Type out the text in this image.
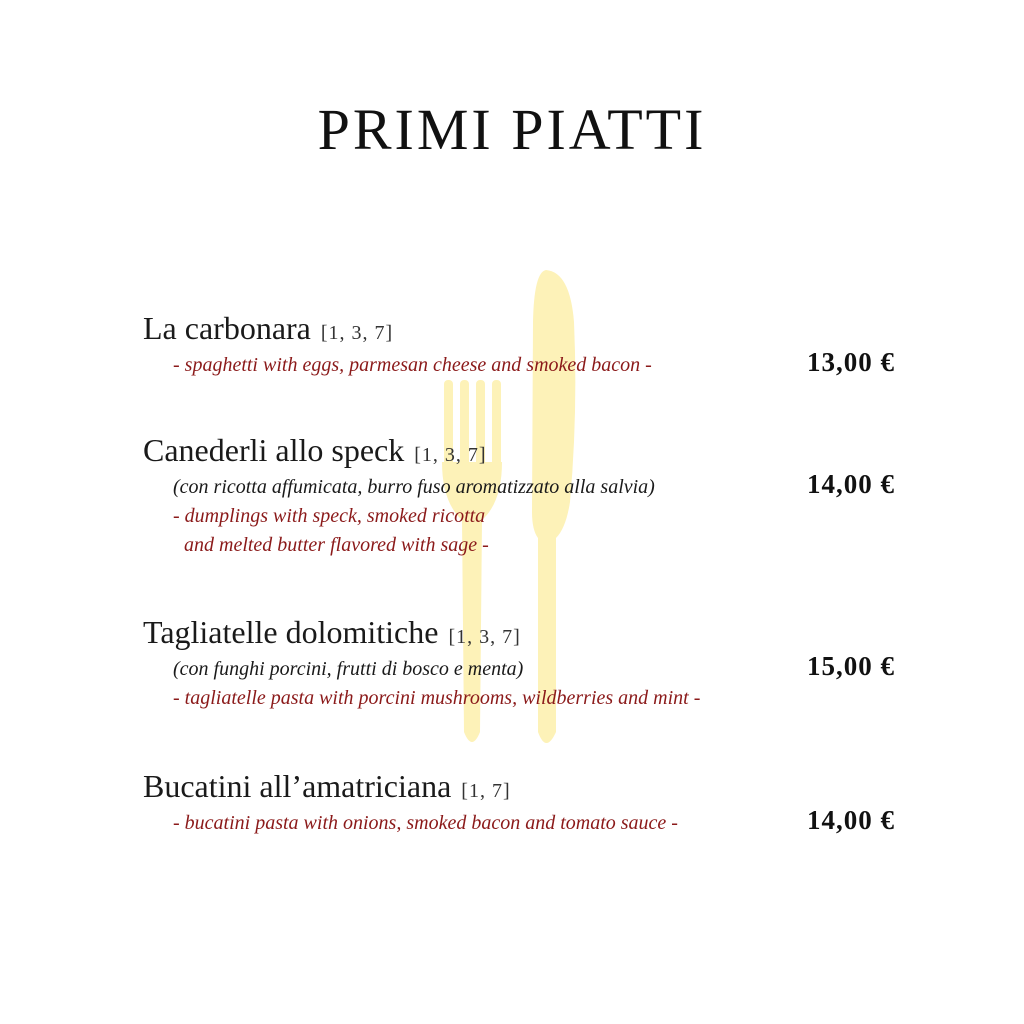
PRIMI PIATTI
La carbonara [1, 3, 7]
- spaghetti with eggs, parmesan cheese and smoked bacon -	13,00 €
Canederli allo speck [1, 3, 7]
(con ricotta affumicata, burro fuso aromatizzato alla salvia)
- dumplings with speck, smoked ricotta
and melted butter flavored with sage -
14,00 €
Tagliatelle dolomitiche [1, 3, 7]
(con funghi porcini, frutti di bosco e menta)
- tagliatelle pasta with porcini mushrooms, wildberries and mint -
15,00 €
Bucatini all’amatriciana [1, 7]
- bucatini pasta with onions, smoked bacon and tomato sauce -	14,00 €
